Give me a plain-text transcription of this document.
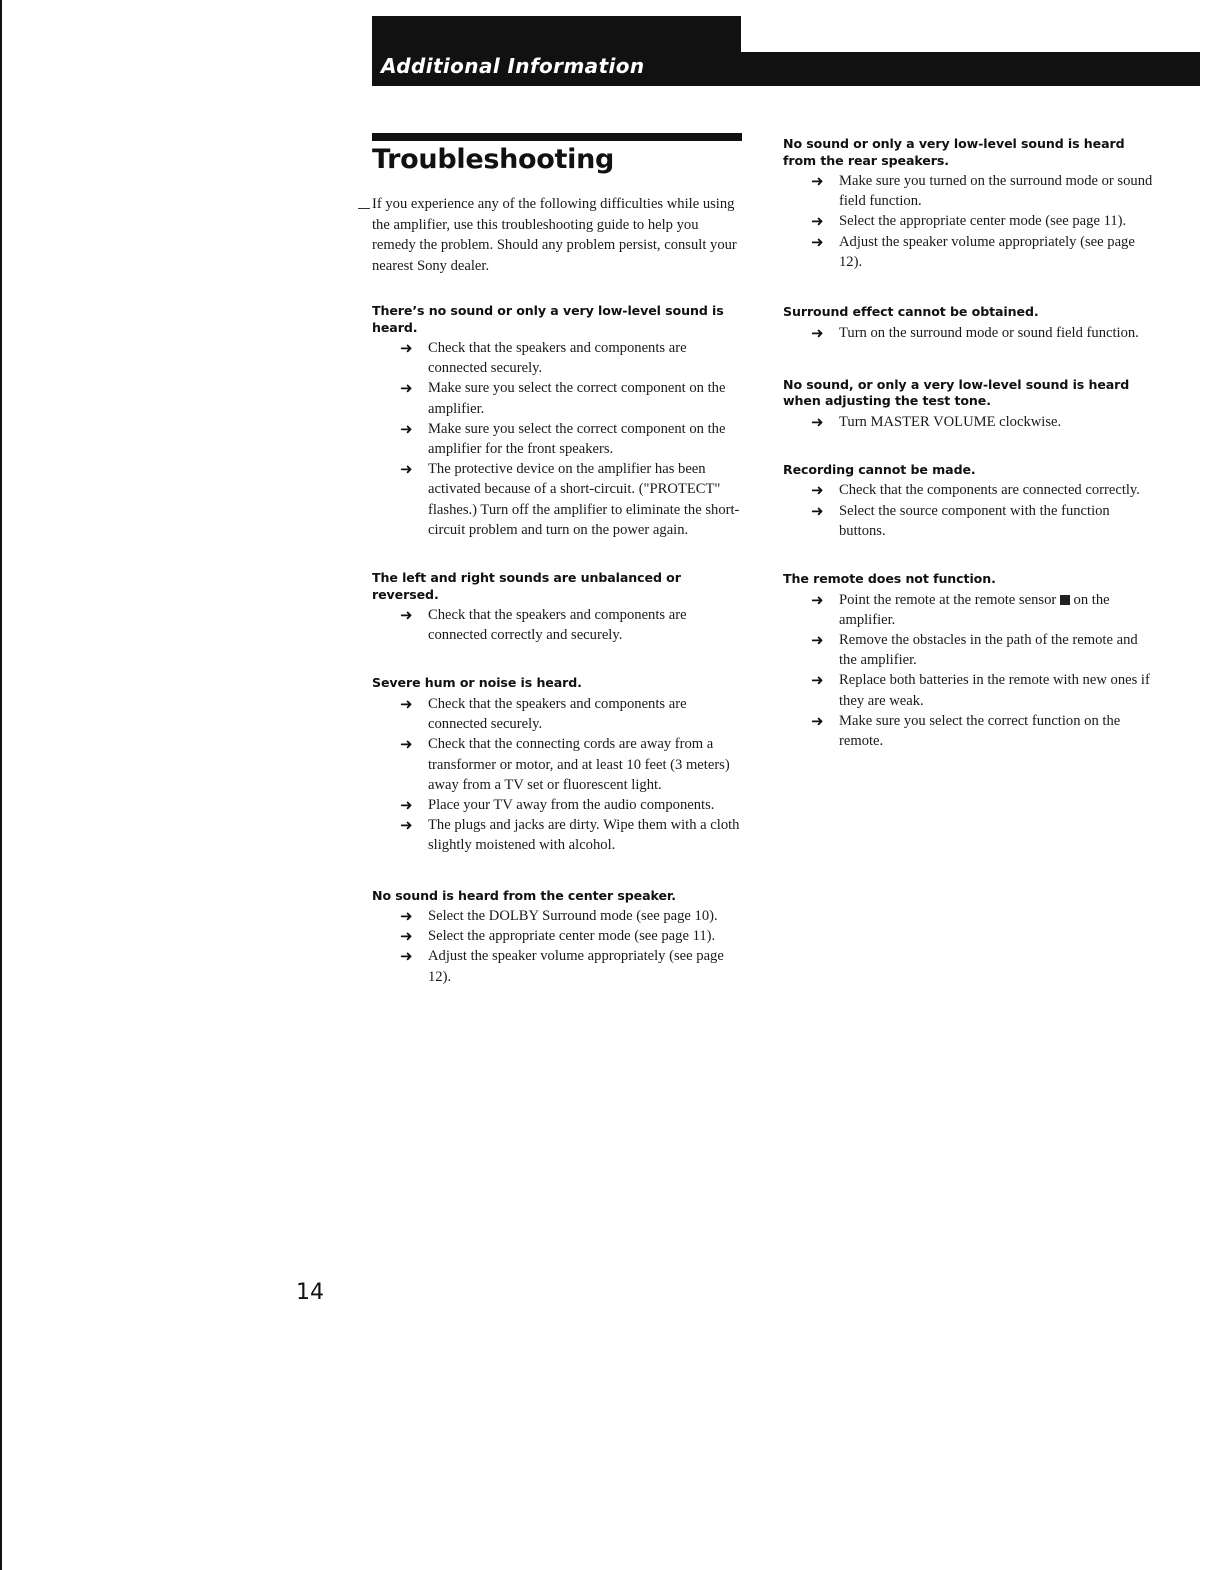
Additional Information
Troubleshooting
If you experience any of the following difficulties while using the amplifier, use this troubleshooting guide to help you remedy the problem. Should any problem persist, consult your nearest Sony dealer.
There’s no sound or only a very low-level sound is heard.
➜ Check that the speakers and components are connected securely.
➜ Make sure you select the correct component on the amplifier.
➜ Make sure you select the correct component on the amplifier for the front speakers.
➜ The protective device on the amplifier has been activated because of a short-circuit. ("PROTECT" flashes.) Turn off the amplifier to eliminate the short-circuit problem and turn on the power again.
The left and right sounds are unbalanced or reversed.
➜ Check that the speakers and components are connected correctly and securely.
Severe hum or noise is heard.
➜ Check that the speakers and components are connected securely.
➜ Check that the connecting cords are away from a transformer or motor, and at least 10 feet (3 meters) away from a TV set or fluorescent light.
➜ Place your TV away from the audio components.
➜ The plugs and jacks are dirty. Wipe them with a cloth slightly moistened with alcohol.
No sound is heard from the center speaker.
➜ Select the DOLBY Surround mode (see page 10).
➜ Select the appropriate center mode (see page 11).
➜ Adjust the speaker volume appropriately (see page 12).
No sound or only a very low-level sound is heard from the rear speakers.
➜ Make sure you turned on the surround mode or sound field function.
➜ Select the appropriate center mode (see page 11).
➜ Adjust the speaker volume appropriately (see page 12).
Surround effect cannot be obtained.
➜ Turn on the surround mode or sound field function.
No sound, or only a very low-level sound is heard when adjusting the test tone.
➜ Turn MASTER VOLUME clockwise.
Recording cannot be made.
➜ Check that the components are connected correctly.
➜ Select the source component with the function buttons.
The remote does not function.
➜ Point the remote at the remote sensor  on the amplifier.
➜ Remove the obstacles in the path of the remote and the amplifier.
➜ Replace both batteries in the remote with new ones if they are weak.
➜ Make sure you select the correct function on the remote.
14
